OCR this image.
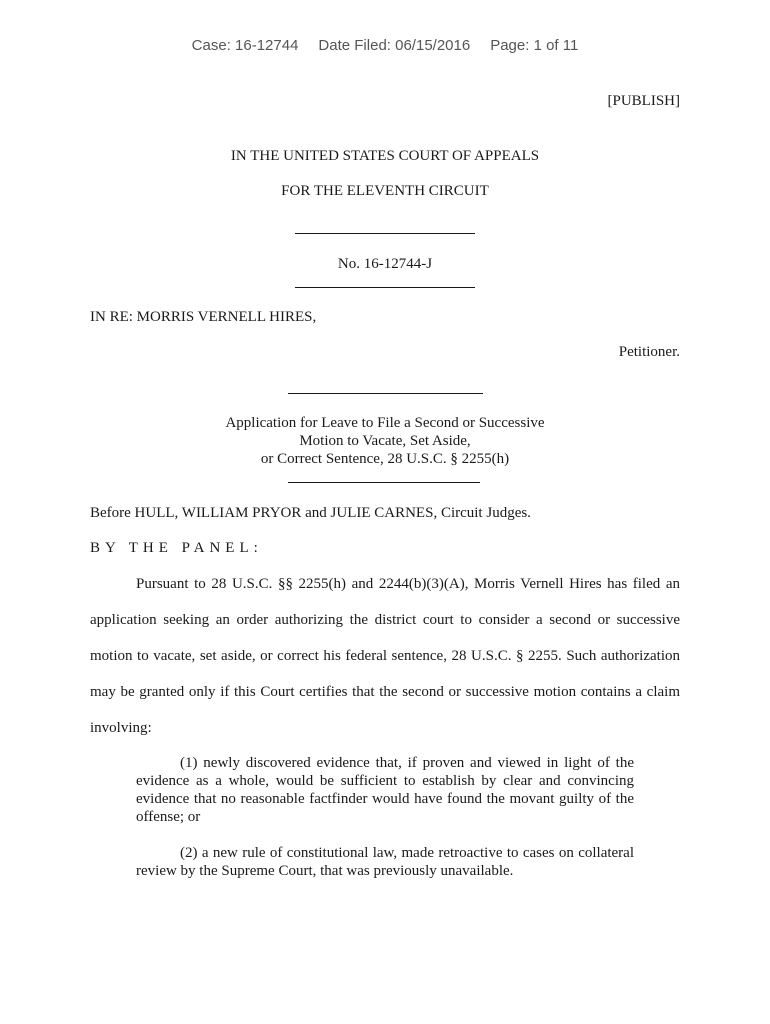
Case: 16-12744 Date Filed: 06/15/2016 Page: 1 of 11
[PUBLISH]
IN THE UNITED STATES COURT OF APPEALS
FOR THE ELEVENTH CIRCUIT
No. 16-12744-J
IN RE: MORRIS VERNELL HIRES,
Petitioner.
Application for Leave to File a Second or Successive
Motion to Vacate, Set Aside,
or Correct Sentence, 28 U.S.C. § 2255(h)
Before HULL, WILLIAM PRYOR and JULIE CARNES, Circuit Judges.
BY THE PANEL:
Pursuant to 28 U.S.C. §§ 2255(h) and 2244(b)(3)(A), Morris Vernell Hires has filed an
application seeking an order authorizing the district court to consider a second or successive
motion to vacate, set aside, or correct his federal sentence, 28 U.S.C. § 2255. Such authorization
may be granted only if this Court certifies that the second or successive motion contains a claim
involving:
(1) newly discovered evidence that, if proven and viewed in light of the
evidence as a whole, would be sufficient to establish by clear and convincing
evidence that no reasonable factfinder would have found the movant guilty of the
offense; or
(2) a new rule of constitutional law, made retroactive to cases on collateral
review by the Supreme Court, that was previously unavailable.
